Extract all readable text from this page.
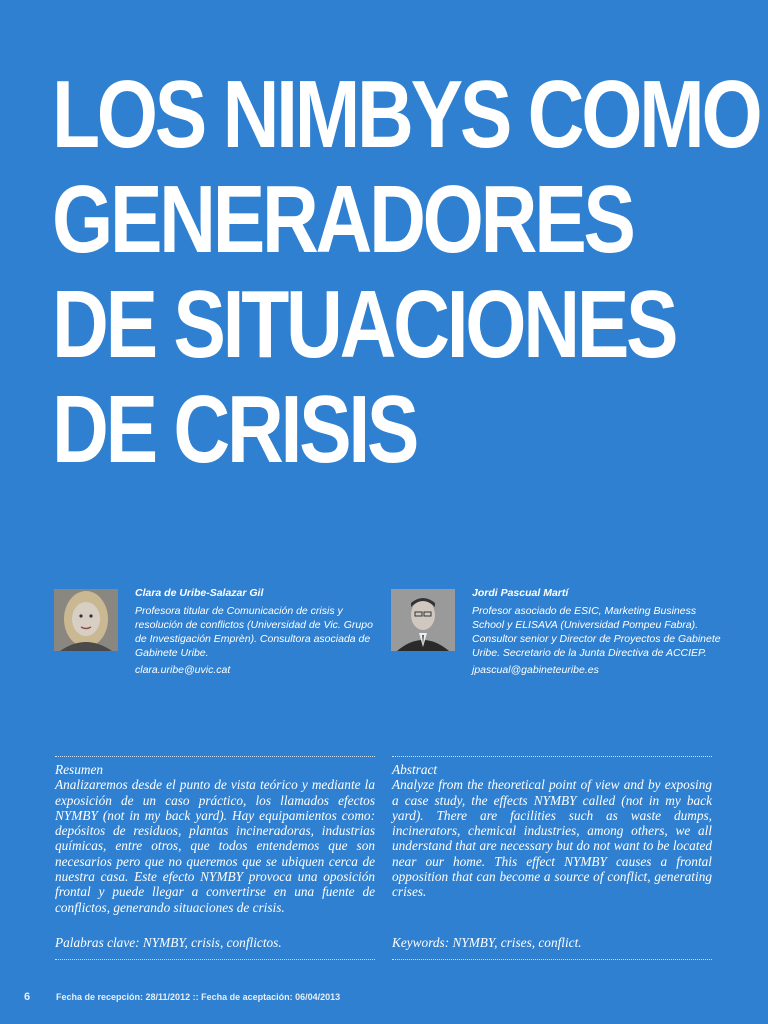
LOS NIMBYS COMO
GENERADORES
DE SITUACIONES
DE CRISIS
Clara de Uribe-Salazar Gil
Profesora titular de Comunicación de crisis y resolución de conflictos (Universidad de Vic. Grupo de Investigación Emprèn). Consultora asociada de Gabinete Uribe.
clara.uribe@uvic.cat
Jordi Pascual Martí
Profesor asociado de ESIC, Marketing Business School y ELISAVA (Universidad Pompeu Fabra). Consultor senior y Director de Proyectos de Gabinete Uribe. Secretario de la Junta Directiva de ACCIEP.
jpascual@gabineteuribe.es
Resumen
Analizaremos desde el punto de vista teórico y mediante la exposición de un caso práctico, los llamados efectos NYMBY (not in my back yard). Hay equipamientos como: depósitos de residuos, plantas incineradoras, industrias químicas, entre otros, que todos entendemos que son necesarios pero que no queremos que se ubiquen cerca de nuestra casa. Este efecto NYMBY provoca una oposición frontal y puede llegar a convertirse en una fuente de conflictos, generando situaciones de crisis.
Abstract
Analyze from the theoretical point of view and by exposing a case study, the effects NYMBY called (not in my back yard). There are facilities such as waste dumps, incinerators, chemical industries, among others, we all understand that are necessary but do not want to be located near our home. This effect NYMBY causes a frontal opposition that can become a source of conflict, generating crises.
Palabras clave: NYMBY, crisis, conflictos.	Keywords: NYMBY, crises, conflict.
6	Fecha de recepción: 28/11/2012 :: Fecha de aceptación: 06/04/2013
